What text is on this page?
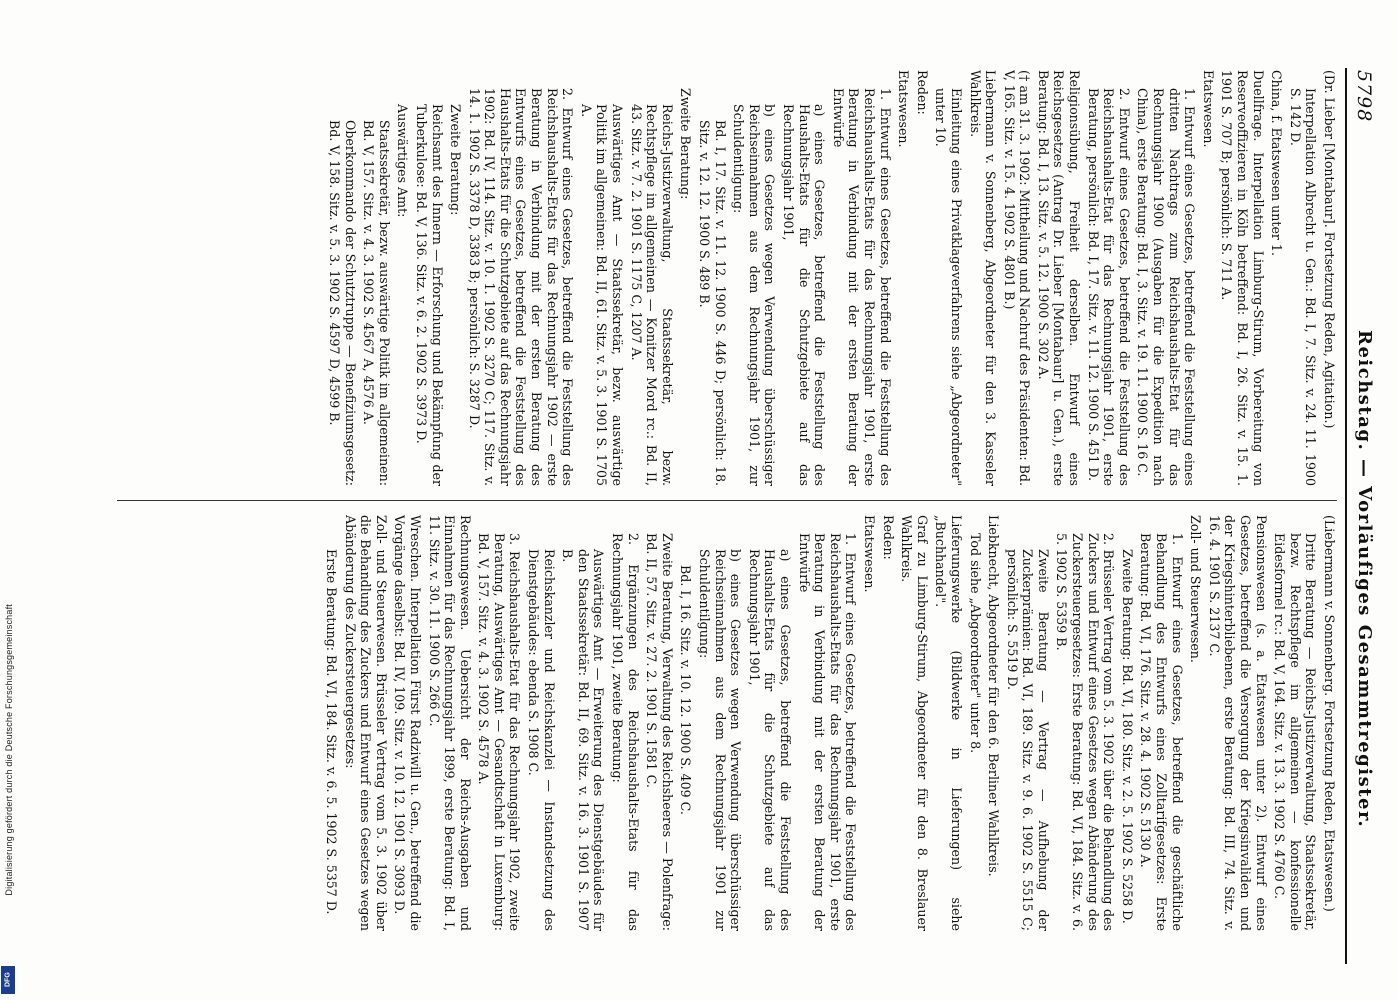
5798
Reichstag. — Vorläufiges Gesammtregister.
(Dr. Lieber [Montabaur]. Fortsetzung Reden, Agitation.)
Interpellation Albrecht u. Gen.: Bd. I, 7. Sitz. v. 24. 11. 1900 S. 142 D.
China, f. Etatswesen unter 1.
Duellfrage. Interpellation Limburg-Stirum, Vorbereitung von Reserveoffizieren in Köln betreffend: Bd. I, 26. Sitz. v. 15. 1. 1901 S. 707 B; persönlich: S. 711 A.
Etatswesen.
1. Entwurf eines Gesetzes, betreffend die Feststellung eines dritten Nachtrags zum Reichshaushalts-Etat für das Rechnungsjahr 1900 (Ausgaben für die Expedition nach China), erste Beratung: Bd. I, 3. Sitz. v. 19. 11. 1900 S. 16 C.
2. Entwurf eines Gesetzes, betreffend die Feststellung des Reichshaushalts-Etat für das Rechnungsjahr 1901, erste Beratung, persönlich: Bd. I, 17. Sitz. v. 11. 12. 1900 S. 451 D.
Religionsübung, Freiheit derselben. Entwurf eines Reichsgesetzes (Antrag Dr. Lieber [Montabaur] u. Gen.), erste Beratung: Bd. I, 13. Sitz. v. 5. 12. 1900 S. 302 A.
(† am 31. 3. 1902: Mittheilung und Nachruf des Präsidenten: Bd. V, 165. Sitz. v. 15. 4. 1902 S. 4801 B.)
Liebermann v. Sonnenberg, Abgeordneter für den 3. Kasseler Wahlkreis.
Einleitung eines Privatklageverfahrens siehe „Abgeordneter" unter 10.
Reden:
Etatswesen.
1. Entwurf eines Gesetzes, betreffend die Feststellung des Reichshaushalts-Etats für das Rechnungsjahr 1901, erste Beratung in Verbindung mit der ersten Beratung der Entwürfe
a) eines Gesetzes, betreffend die Feststellung des Haushalts-Etats für die Schutzgebiete auf das Rechnungsjahr 1901,
b) eines Gesetzes wegen Verwendung überschüssiger Reichseinnahmen aus dem Rechnungsjahr 1901, zur Schuldentilgung:
Bd. I, 17. Sitz. v. 11. 12. 1900 S. 446 D; persönlich: 18. Sitz. v. 12. 12. 1900 S. 489 B.
Zweite Beratung:
Reichs-Justizverwaltung, Staatssekretär, bezw. Rechtspflege im allgemeinen — Konitzer Mord rc.: Bd. II, 43. Sitz. v. 7. 2. 1901 S. 1175 C, 1207 A.
Auswärtiges Amt — Staatssekretär, bezw. auswärtige Politik im allgemeinen: Bd. II, 61. Sitz. v. 5. 3. 1901 S. 1705 A.
2. Entwurf eines Gesetzes, betreffend die Feststellung des Reichshaushalts-Etats für das Rechnungsjahr 1902 — erste Beratung in Verbindung mit der ersten Beratung des Entwurfs eines Gesetzes, betreffend die Feststellung des Haushalts-Etats für die Schutzgebiete auf das Rechnungsjahr 1902: Bd. IV, 114. Sitz. v. 10. 1. 1902 S. 3270 C; 117. Sitz. v. 14. 1. 1902 S. 3378 D, 3383 B; persönlich: S. 3287 D.
Zweite Beratung:
Reichsamt des Innern — Erforschung und Bekämpfung der Tuberkulose: Bd. V, 136. Sitz. v. 6. 2. 1902 S. 3973 D.
Auswärtiges Amt:
Staatssekretär, bezw. auswärtige Politik im allgemeinen: Bd. V, 157. Sitz. v. 4. 3. 1902 S. 4567 A, 4576 A.
Oberkommando der Schutztruppe — Benefiziumsgesetz: Bd. V, 158. Sitz. v. 5. 3. 1902 S. 4597 D, 4599 B.
(Liebermann v. Sonnenberg. Fortsetzung Reden, Etatswesen.)
Dritte Beratung — Reichs-Justizverwaltung, Staatssekretär, bezw. Rechtspflege im allgemeinen — konfessionelle Eidesformel rc.: Bd. V, 164. Sitz. v. 13. 3. 1902 S. 4760 C.
Pensionswesen (s. a. Etatswesen unter 2). Entwurf eines Gesetzes, betreffend die Versorgung der Kriegsinvaliden und der Kriegshinterbliebenen, erste Beratung: Bd. III, 74. Sitz. v. 16. 4. 1901 S. 2137 C.
Zoll- und Steuerwesen.
1. Entwurf eines Gesetzes, betreffend die geschäftliche Behandlung des Entwurfs eines Zolltarifgesetzes: Erste Beratung: Bd. VI, 176. Sitz. v. 28. 4. 1902 S. 5130 A.
Zweite Beratung: Bd. VI, 180. Sitz. v. 2. 5. 1902 S. 5258 D.
2. Brüsseler Vertrag vom 5. 3. 1902 über die Behandlung des Zuckers und Entwurf eines Gesetzes wegen Abänderung des Zuckersteuergesetzes: Erste Beratung: Bd. VI, 184. Sitz. v. 6. 5. 1902 S. 5359 B.
Zweite Beratung — Vertrag — Aufhebung der Zuckerprämien: Bd. VI, 189. Sitz. v. 9. 6. 1902 S. 5515 C; persönlich: S. 5519 D.
Liebknecht, Abgeordneter für den 6. Berliner Wahlkreis.
Tod siehe „Abgeordneter" unter 8.
Lieferungswerke (Bildwerke in Lieferungen) siehe „Buchhandel".
Graf zu Limburg-Stirum, Abgeordneter für den 8. Breslauer Wahlkreis.
Reden:
Etatswesen.
1. Entwurf eines Gesetzes, betreffend die Feststellung des Reichshaushalts-Etats für das Rechnungsjahr 1901, erste Beratung in Verbindung mit der ersten Beratung der Entwürfe
a) eines Gesetzes, betreffend die Feststellung des Haushalts-Etats für die Schutzgebiete auf das Rechnungsjahr 1901,
b) eines Gesetzes wegen Verwendung überschüssiger Reichseinnahmen aus dem Rechnungsjahr 1901 zur Schuldentilgung:
Bd. I, 16. Sitz. v. 10. 12. 1900 S. 409 C.
Zweite Beratung, Verwaltung des Reichsheeres — Polenfrage: Bd. II, 57. Sitz. v. 27. 2. 1901 S. 1581 C.
2. Ergänzungen des Reichshaushalts-Etats für das Rechnungsjahr 1901, zweite Beratung:
Auswärtiges Amt — Erweiterung des Dienstgebäudes für den Staatssekretär: Bd. II, 69. Sitz. v. 16. 3. 1901 S. 1907 B.
Reichskanzler und Reichskanzlei — Instandsetzung des Dienstgebäudes: ebenda S. 1908 C.
3. Reichshaushalts-Etat für das Rechnungsjahr 1902, zweite Beratung, Auswärtiges Amt — Gesandtschaft in Luxemburg: Bd. V, 157. Sitz. v. 4. 3. 1902 S. 4578 A.
Rechnungswesen. Uebersicht der Reichs-Ausgaben und Einnahmen für das Rechnungsjahr 1899, erste Beratung: Bd. I, 11. Sitz. v. 30. 11. 1900 S. 266 C.
Wreschen. Interpellation Fürst Radziwill u. Gen., betreffend die Vorgänge daselbst: Bd. IV, 109. Sitz. v. 10. 12. 1901 S. 3093 D.
Zoll- und Steuerwesen. Brüsseler Vertrag vom 5. 3. 1902 über die Behandlung des Zuckers und Entwurf eines Gesetzes wegen Abänderung des Zuckersteuergesetzes:
Erste Beratung: Bd. VI, 184. Sitz. v. 6. 5. 1902 S. 5357 D.
Digitalisierung gefördert durch die Deutsche Forschungsgemeinschaft
DFG
